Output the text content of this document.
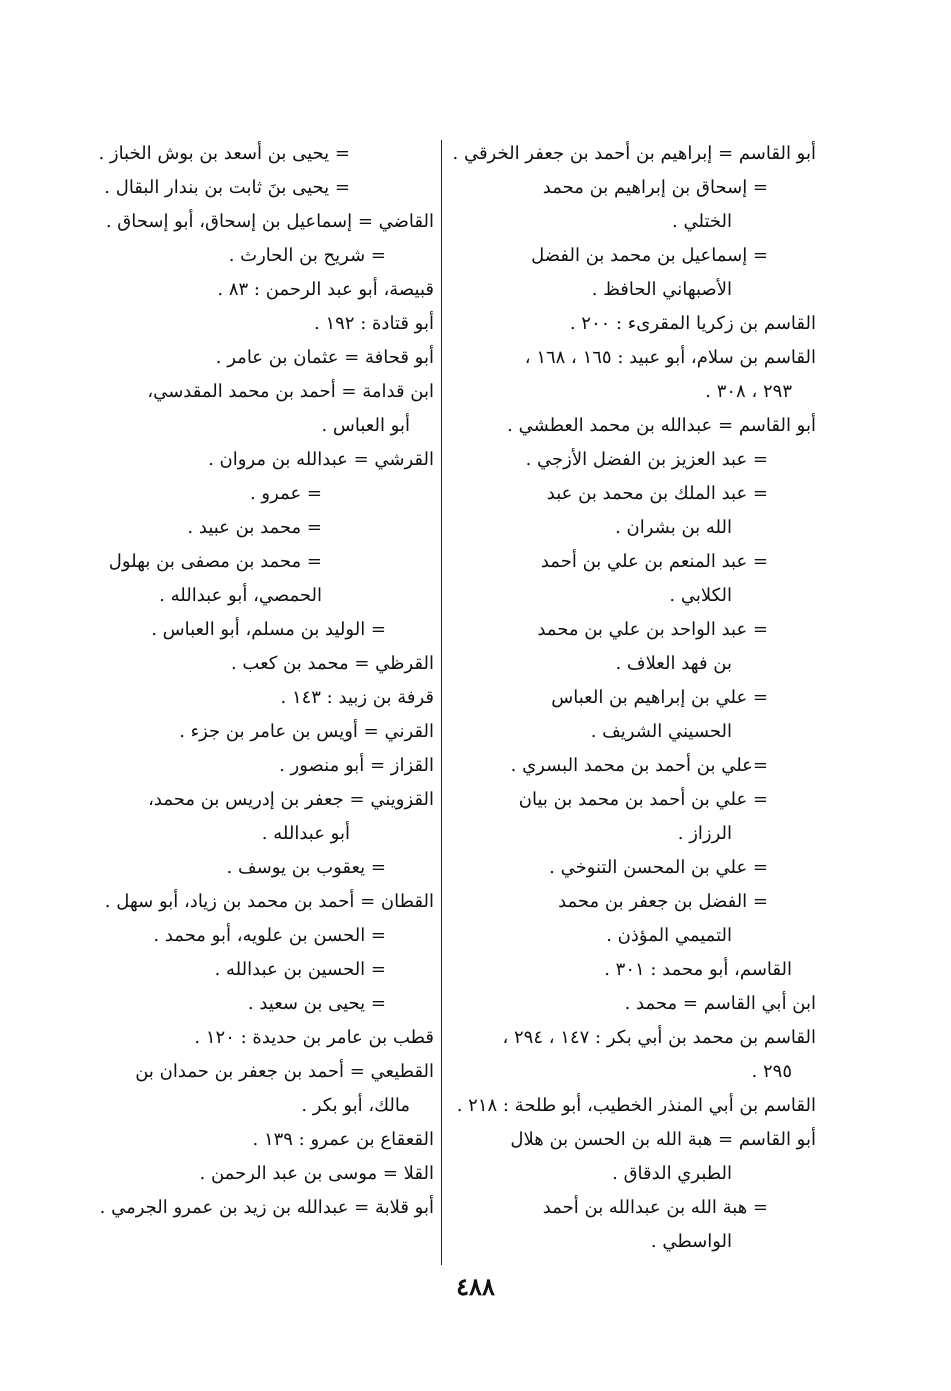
أبو القاسم = إبراهيم بن أحمد بن جعفر الخرقي .
= إسحاق بن إبراهيم بن محمد
الختلي .
= إسماعيل بن محمد بن الفضل
الأصبهاني الحافظ .
القاسم بن زكريا المقرىء : ٢٠٠ .
القاسم بن سلام، أبو عبيد : ١٦٥ ، ١٦٨ ،
٢٩٣ ، ٣٠٨ .
أبو القاسم = عبدالله بن محمد العطشي .
= عبد العزيز بن الفضل الأزجي .
= عبد الملك بن محمد بن عبد
الله بن بشران .
= عبد المنعم بن علي بن أحمد
الكلابي .
= عبد الواحد بن علي بن محمد
بن فهد العلاف .
= علي بن إبراهيم بن العباس
الحسيني الشريف .
=علي بن أحمد بن محمد البسري .
= علي بن أحمد بن محمد بن بيان
الرزاز .
= علي بن المحسن التنوخي .
= الفضل بن جعفر بن محمد
التميمي المؤذن .
القاسم، أبو محمد : ٣٠١ .
ابن أبي القاسم = محمد .
القاسم بن محمد بن أبي بكر : ١٤٧ ، ٢٩٤ ،
٢٩٥ .
القاسم بن أبي المنذر الخطيب، أبو طلحة : ٢١٨ .
أبو القاسم = هبة الله بن الحسن بن هلال
الطبري الدقاق .
= هبة الله بن عبدالله بن أحمد
الواسطي .
= يحيى بن أسعد بن بوش الخباز .
= يحيى بنَ ثابت بن بندار البقال .
القاضي = إسماعيل بن إسحاق، أبو إسحاق .
= شريح بن الحارث .
قبيصة، أبو عبد الرحمن : ٨٣ .
أبو قتادة : ١٩٢ .
أبو قحافة = عثمان بن عامر .
ابن قدامة = أحمد بن محمد المقدسي،
أبو العباس .
القرشي = عبدالله بن مروان .
= عمرو .
= محمد بن عبيد .
= محمد بن مصفى بن بهلول
الحمصي، أبو عبدالله .
= الوليد بن مسلم، أبو العباس .
القرظي = محمد بن كعب .
قرفة بن زبيد : ١٤٣ .
القرني = أويس بن عامر بن جزء .
القزاز = أبو منصور .
القزويني = جعفر بن إدريس بن محمد،
أبو عبدالله .
= يعقوب بن يوسف .
القطان = أحمد بن محمد بن زياد، أبو سهل .
= الحسن بن علويه، أبو محمد .
= الحسين بن عبدالله .
= يحيى بن سعيد .
قطب بن عامر بن حديدة : ١٢٠ .
القطيعي = أحمد بن جعفر بن حمدان بن
مالك، أبو بكر .
القعقاع بن عمرو : ١٣٩ .
القلا = موسى بن عبد الرحمن .
أبو قلابة = عبدالله بن زيد بن عمرو الجرمي .
٤٨٨
